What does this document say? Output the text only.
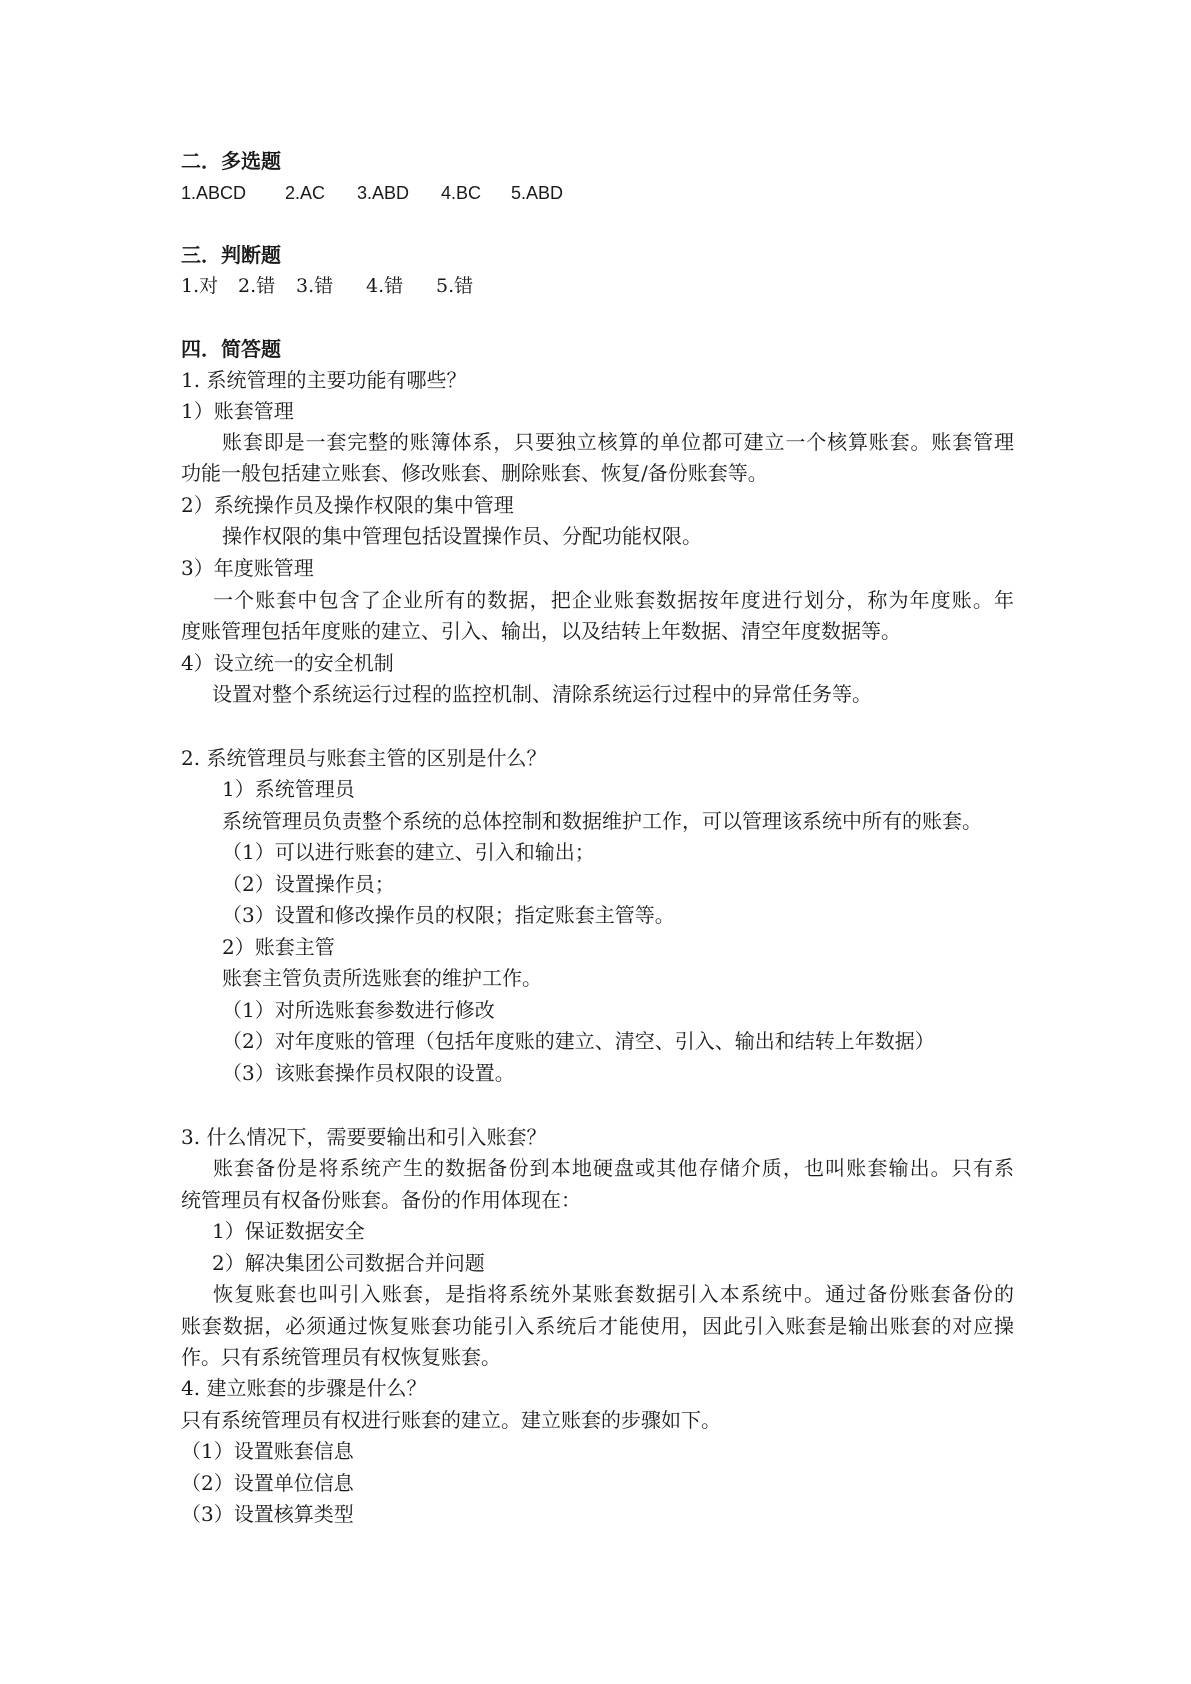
二．多选题
1.ABCD 2.AC 3.ABD 4.BC 5.ABD
三．判断题
1.对 2.错 3.错 4.错 5.错
四．简答题
1. 系统管理的主要功能有哪些？
1）账套管理
账套即是一套完整的账簿体系，只要独立核算的单位都可建立一个核算账套。账套管理
功能一般包括建立账套、修改账套、删除账套、恢复/备份账套等。
2）系统操作员及操作权限的集中管理
操作权限的集中管理包括设置操作员、分配功能权限。
3）年度账管理
一个账套中包含了企业所有的数据，把企业账套数据按年度进行划分，称为年度账。年
度账管理包括年度账的建立、引入、输出，以及结转上年数据、清空年度数据等。
4）设立统一的安全机制
设置对整个系统运行过程的监控机制、清除系统运行过程中的异常任务等。
2. 系统管理员与账套主管的区别是什么？
1）系统管理员
系统管理员负责整个系统的总体控制和数据维护工作，可以管理该系统中所有的账套。
（1）可以进行账套的建立、引入和输出；
（2）设置操作员；
（3）设置和修改操作员的权限；指定账套主管等。
2）账套主管
账套主管负责所选账套的维护工作。
（1）对所选账套参数进行修改
（2）对年度账的管理（包括年度账的建立、清空、引入、输出和结转上年数据）
（3）该账套操作员权限的设置。
3. 什么情况下，需要要输出和引入账套？
账套备份是将系统产生的数据备份到本地硬盘或其他存储介质，也叫账套输出。只有系
统管理员有权备份账套。备份的作用体现在：
1）保证数据安全
2）解决集团公司数据合并问题
恢复账套也叫引入账套，是指将系统外某账套数据引入本系统中。通过备份账套备份的
账套数据，必须通过恢复账套功能引入系统后才能使用，因此引入账套是输出账套的对应操
作。只有系统管理员有权恢复账套。
4. 建立账套的步骤是什么？
只有系统管理员有权进行账套的建立。建立账套的步骤如下。
（1）设置账套信息
（2）设置单位信息
（3）设置核算类型
